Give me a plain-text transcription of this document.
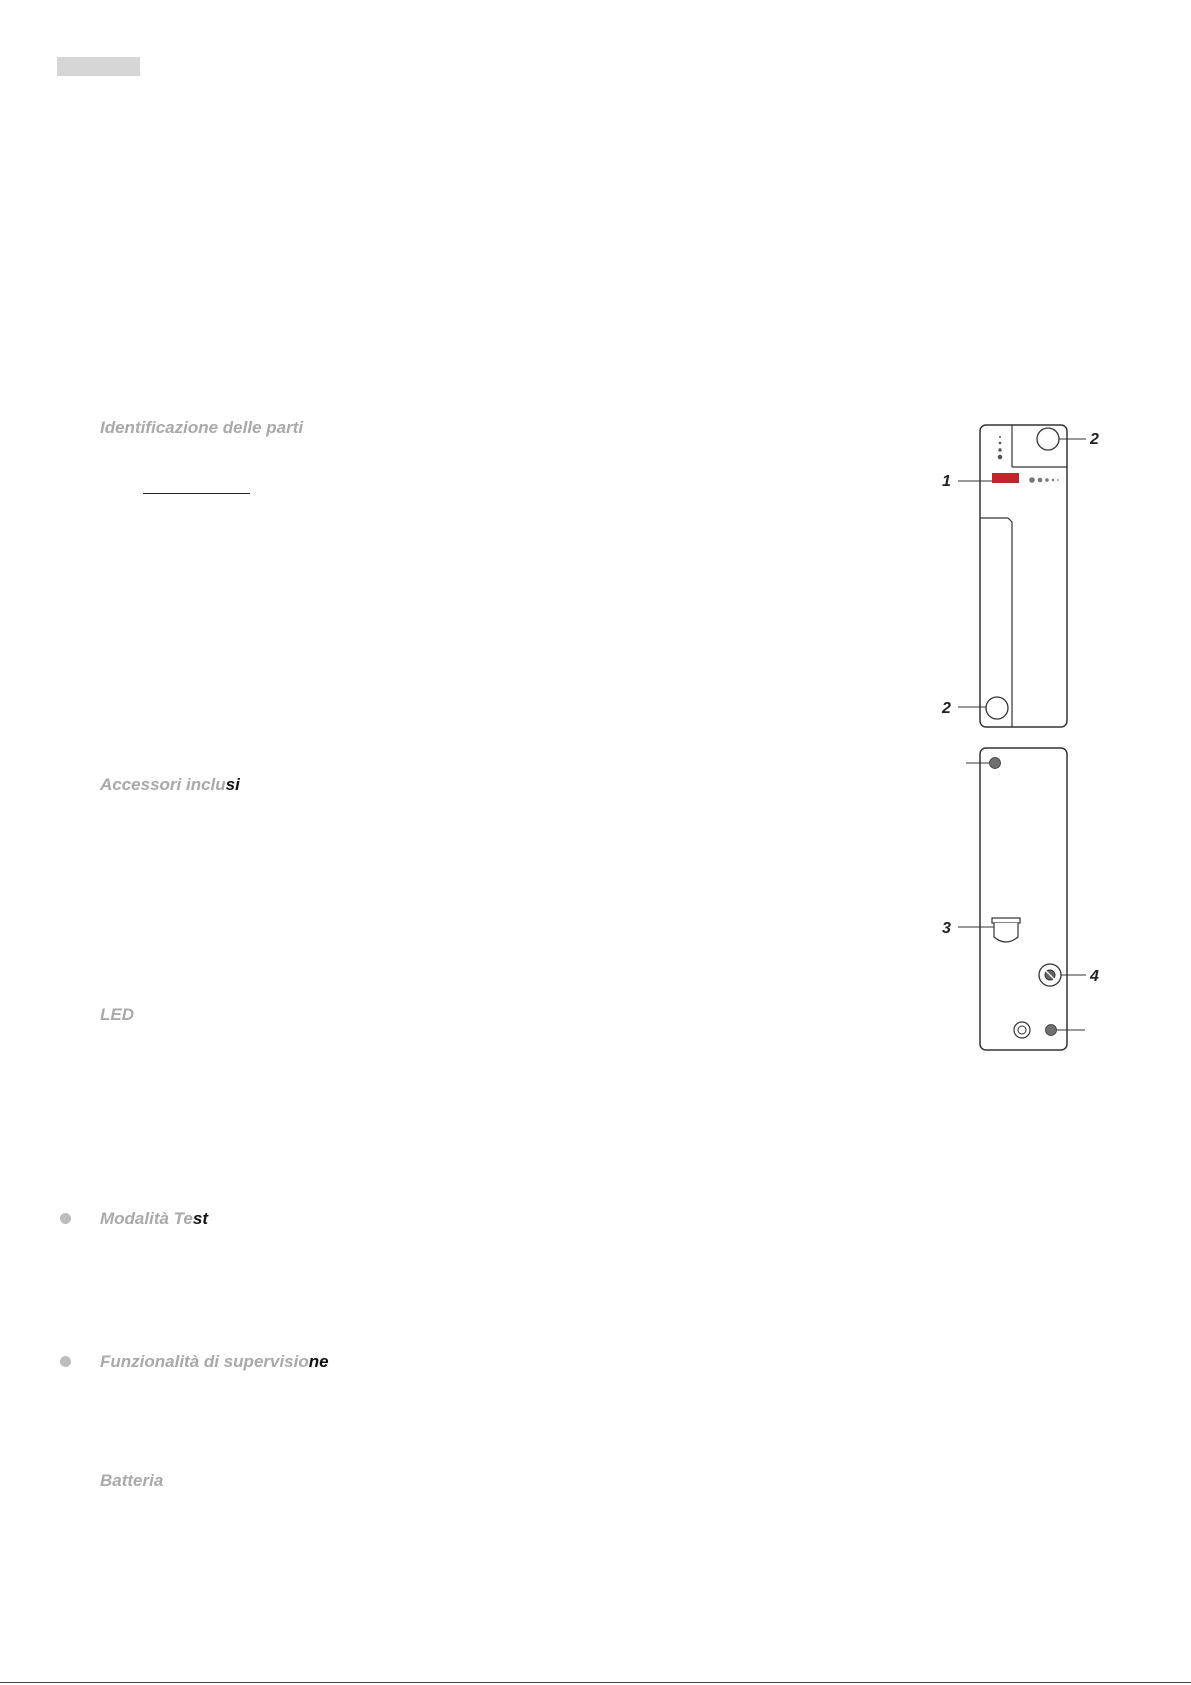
Identificazione delle parti
Accessori inclusi
LED
Modalità Test
Funzionalità di supervisione
Batteria
1
2
2
3
4
